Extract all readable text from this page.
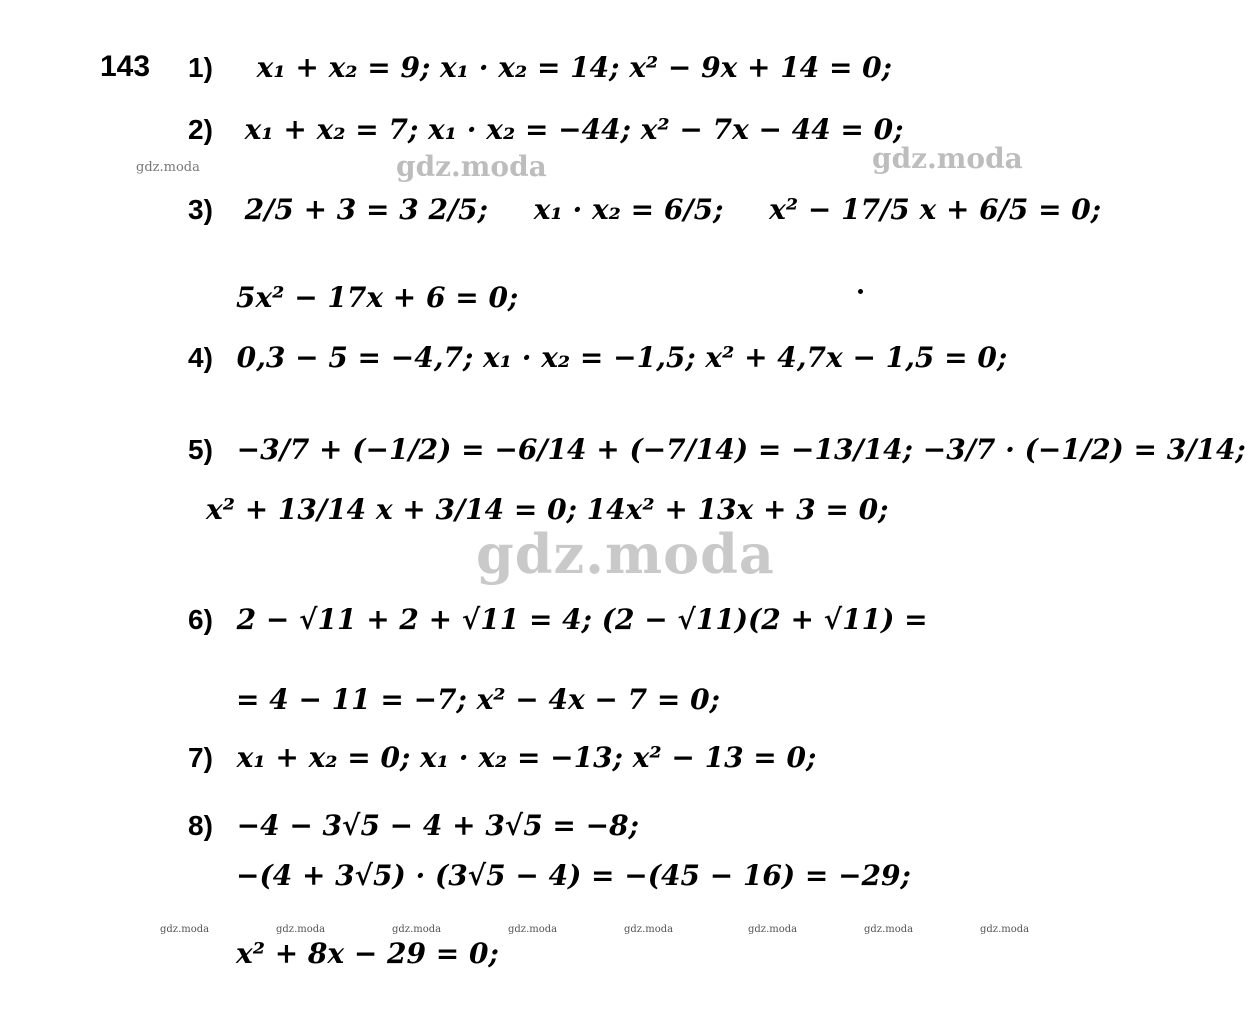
gdz.moda	gdz.moda	gdz.moda
gdz.moda
gdz.moda	gdz.moda	gdz.moda	gdz.moda	gdz.moda	gdz.moda	gdz.moda	gdz.moda
143 1) x₁ + x₂ = 9; x₁ · x₂ = 14; x² − 9x + 14 = 0;
2) x₁ + x₂ = 7; x₁ · x₂ = −44; x² − 7x − 44 = 0;
3) 2/5 + 3 = 3 2/5; x₁ · x₂ = 6/5; x² − 17/5 x + 6/5 = 0;
5x² − 17x + 6 = 0;
4) 0,3 − 5 = −4,7; x₁ · x₂ = −1,5; x² + 4,7x − 1,5 = 0;
5) −3/7 + (−1/2) = −6/14 + (−7/14) = −13/14; −3/7 · (−1/2) = 3/14;
x² + 13/14 x + 3/14 = 0; 14x² + 13x + 3 = 0;
6) 2 − √11 + 2 + √11 = 4; (2 − √11)(2 + √11) =
= 4 − 11 = −7; x² − 4x − 7 = 0;
7) x₁ + x₂ = 0; x₁ · x₂ = −13; x² − 13 = 0;
8) −4 − 3√5 − 4 + 3√5 = −8;
−(4 + 3√5) · (3√5 − 4) = −(45 − 16) = −29;
x² + 8x − 29 = 0;
